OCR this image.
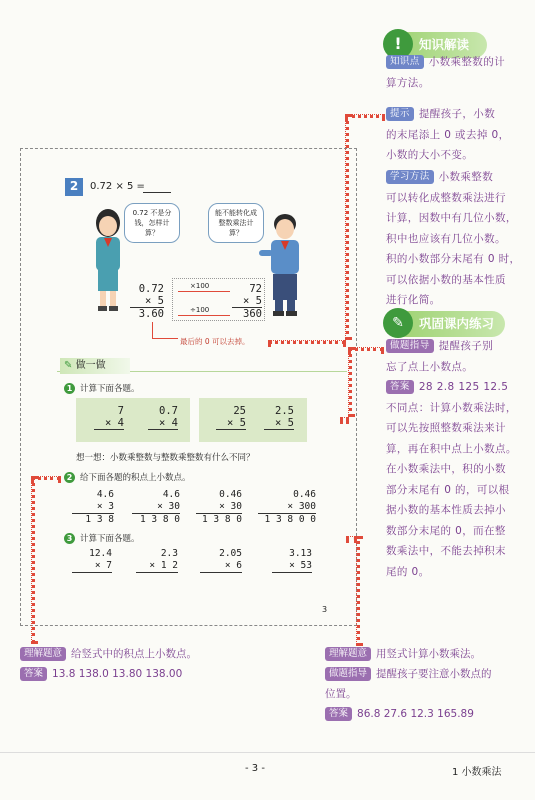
!	知识解读
知识点 小数乘整数的计
算方法。
提示 提醒孩子，小数
的末尾添上 0 或去掉 0，
小数的大小不变。
学习方法 小数乘整数
可以转化成整数乘法进行
计算，因数中有几位小数，
积中也应该有几位小数。
积的小数部分末尾有 0 时，
可以依据小数的基本性质
进行化简。
✎	巩固课内练习
做题指导 提醒孩子别
忘了点上小数点。
答案 28 2.8 125 12.5
不同点：计算小数乘法时，
可以先按照整数乘法来计
算，再在积中点上小数点。
在小数乘法中，积的小数
部分末尾有 0 的，可以根
据小数的基本性质去掉小
数部分末尾的 0，而在整
数乘法中，不能去掉积末
尾的 0。
2	0.72 × 5 =
0.72 不是分钱，怎样计算？
能不能转化成整数乘法计算？
0.72
× 5
3.60
×100
÷100
72
× 5
360
最后的 0 可以去掉。
✎ 做一做
1 计算下面各题。
7
× 4
0.7
× 4
25
× 5
2.5
× 5
想一想：小数乘整数与整数乘整数有什么不同？
2 给下面各题的积点上小数点。
4.6
× 3
1 3 8
4.6
× 30
1 3 8 0
0.46
× 30
1 3 8 0
0.46
× 300
1 3 8 0 0
3 计算下面各题。
12.4
× 7
2.3
× 1 2
2.05
× 6
3.13
× 53
3
理解题意 给竖式中的积点上小数点。
答案 13.8 138.0 13.80 138.00
理解题意 用竖式计算小数乘法。
做题指导 提醒孩子要注意小数点的
位置。
答案 86.8 27.6 12.3 165.89
- 3 -	1 小数乘法
